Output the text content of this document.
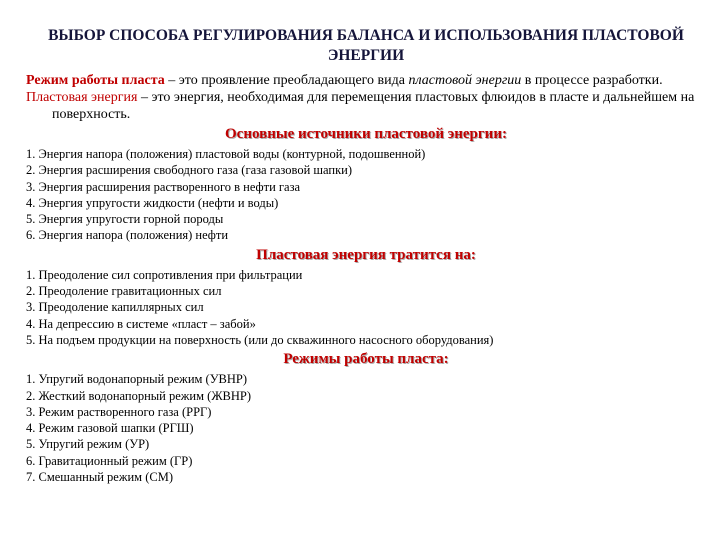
ВЫБОР СПОСОБА РЕГУЛИРОВАНИЯ БАЛАНСА И ИСПОЛЬЗОВАНИЯ ПЛАСТОВОЙ ЭНЕРГИИ

Режим работы пласта – это проявление преобладающего вида пластовой энергии в процессе разработки.

Пластовая энергия – это энергия, необходимая для перемещения пластовых флюидов в пласте и дальнейшем на поверхность.

Основные источники пластовой энергии:
1. Энергия напора (положения) пластовой воды (контурной, подошвенной)
2. Энергия расширения свободного газа (газа газовой шапки)
3. Энергия расширения растворенного в нефти газа
4. Энергия упругости жидкости (нефти и воды)
5. Энергия упругости горной породы
6. Энергия напора (положения) нефти
Пластовая энергия тратится на:
1. Преодоление сил сопротивления при фильтрации
2. Преодоление гравитационных сил
3. Преодоление капиллярных сил
4. На депрессию в системе «пласт – забой»
5. На подъем продукции на поверхность (или до скважинного насосного оборудования)
Режимы работы пласта:
1. Упругий водонапорный режим (УВНР)
2. Жесткий водонапорный режим (ЖВНР)
3. Режим растворенного газа (РРГ)
4. Режим газовой шапки (РГШ)
5. Упругий режим (УР)
6. Гравитационный режим (ГР)
7. Смешанный режим (СМ)
